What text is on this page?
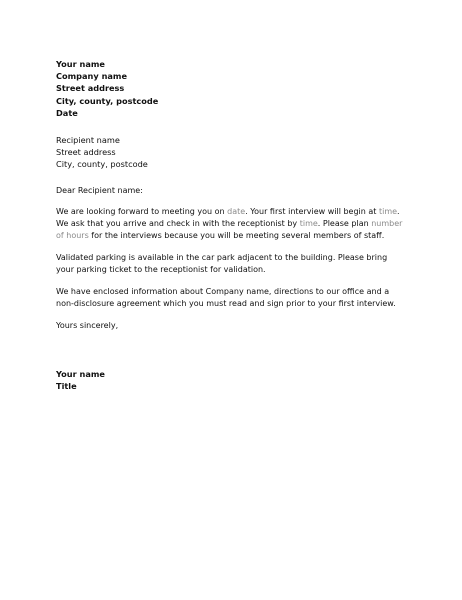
Your name
Company name
Street address
City, county, postcode
Date
Recipient name
Street address
City, county, postcode
Dear Recipient name:
We are looking forward to meeting you on date. Your first interview will begin at time. We ask that you arrive and check in with the receptionist by time. Please plan number of hours for the interviews because you will be meeting several members of staff.
Validated parking is available in the car park adjacent to the building. Please bring your parking ticket to the receptionist for validation.
We have enclosed information about Company name, directions to our office and a non-disclosure agreement which you must read and sign prior to your first interview.
Yours sincerely,
Your name
Title
